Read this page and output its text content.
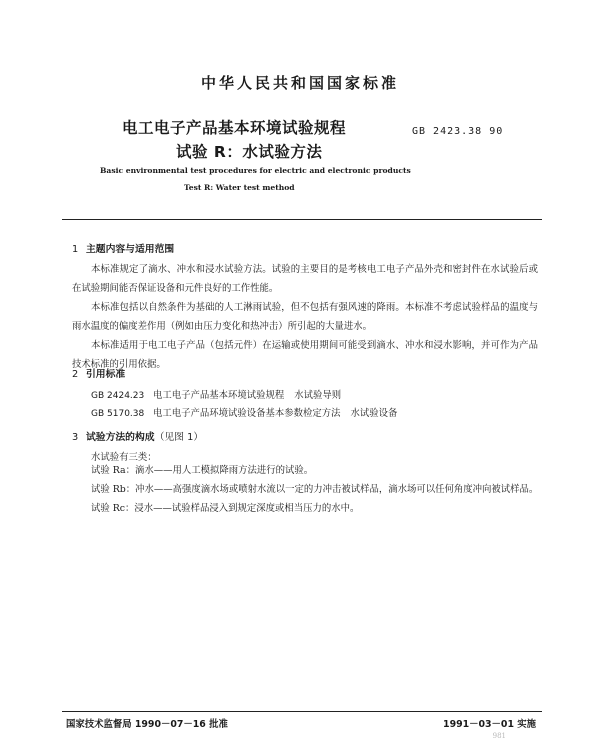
中华人民共和国国家标准
电工电子产品基本环境试验规程
试验 R：水试验方法
GB 2423.38 90
Basic environmental test procedures for electric and electronic products
Test R: Water test method
1 主题内容与适用范围

本标准规定了滴水、冲水和浸水试验方法。试验的主要目的是考核电工电子产品外壳和密封件在水试验后或在试验期间能否保证设备和元件良好的工作性能。

本标准包括以自然条件为基础的人工淋雨试验，但不包括有强风速的降雨。本标准不考虑试验样品的温度与雨水温度的偏度差作用（例如由压力变化和热冲击）所引起的大量进水。

本标准适用于电工电子产品（包括元件）在运输或使用期间可能受到滴水、冲水和浸水影响，并可作为产品技术标准的引用依据。

2 引用标准
GB 2424.23 电工电子产品基本环境试验规程 水试验导则
GB 5170.38 电工电子产品环境试验设备基本参数检定方法 水试验设备
3 试验方法的构成（见图 1）
水试验有三类：
试验 Ra：滴水—— 用人工模拟降雨方法进行的试验。
试验 Rb：冲水—— 高强度滴水场或喷射水流以一定的力冲击被试样品，滴水场可以任何角度冲向被试样品。
试验 Rc：浸水—— 试验样品浸入到规定深度或相当压力的水中。
国家技术监督局 1990－07－16 批准	1991－03－01 实施
981
